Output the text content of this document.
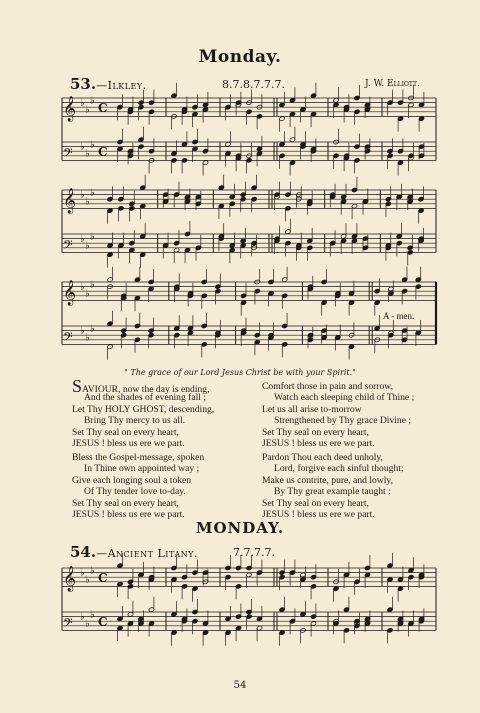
Monday.
53.—Ilkley.	8.7.8.7.7.7.	J. W. Elliott.
𝄞 ♭
♭
♭ C
𝄢 ♭
♭
♭ C
𝄞 ♭
♭
♭
𝄢 ♭
♭
♭
𝄞 ♭
♭
♭
𝄢 ♭
♭
♭
A - men.
" The grace of our Lord Jesus Christ be with your Spirit."
SAVIOUR, now the day is ending,
And the shades of evening fall ;
Let Thy HOLY GHOST, descending,
Bring Thy mercy to us all.
Set Thy seal on every heart,
JESUS ! bless us ere we part.
Bless the Gospel-message, spoken
In Thine own appointed way ;
Give each longing soul a token
Of Thy tender love to-day.
Set Thy seal on every heart,
JESUS ! bless us ere we part.
Comfort those in pain and sorrow,
Watch each sleeping child of Thine ;
Let us all arise to-morrow
Strengthened by Thy grace Divine ;
Set Thy seal on every heart,
JESUS ! bless us ere we part.
Pardon Thou each deed unholy,
Lord, forgive each sinful thought;
Make us contrite, pure, and lowly,
By Thy great example taught :
Set Thy seal on every heart,
JESUS ! bless us ere we part.
MONDAY.
54.—Ancient Litany.	7.7.7.7.
𝄞 ♭
♭
♭ C
𝄢 ♭
♭
♭ C
54
